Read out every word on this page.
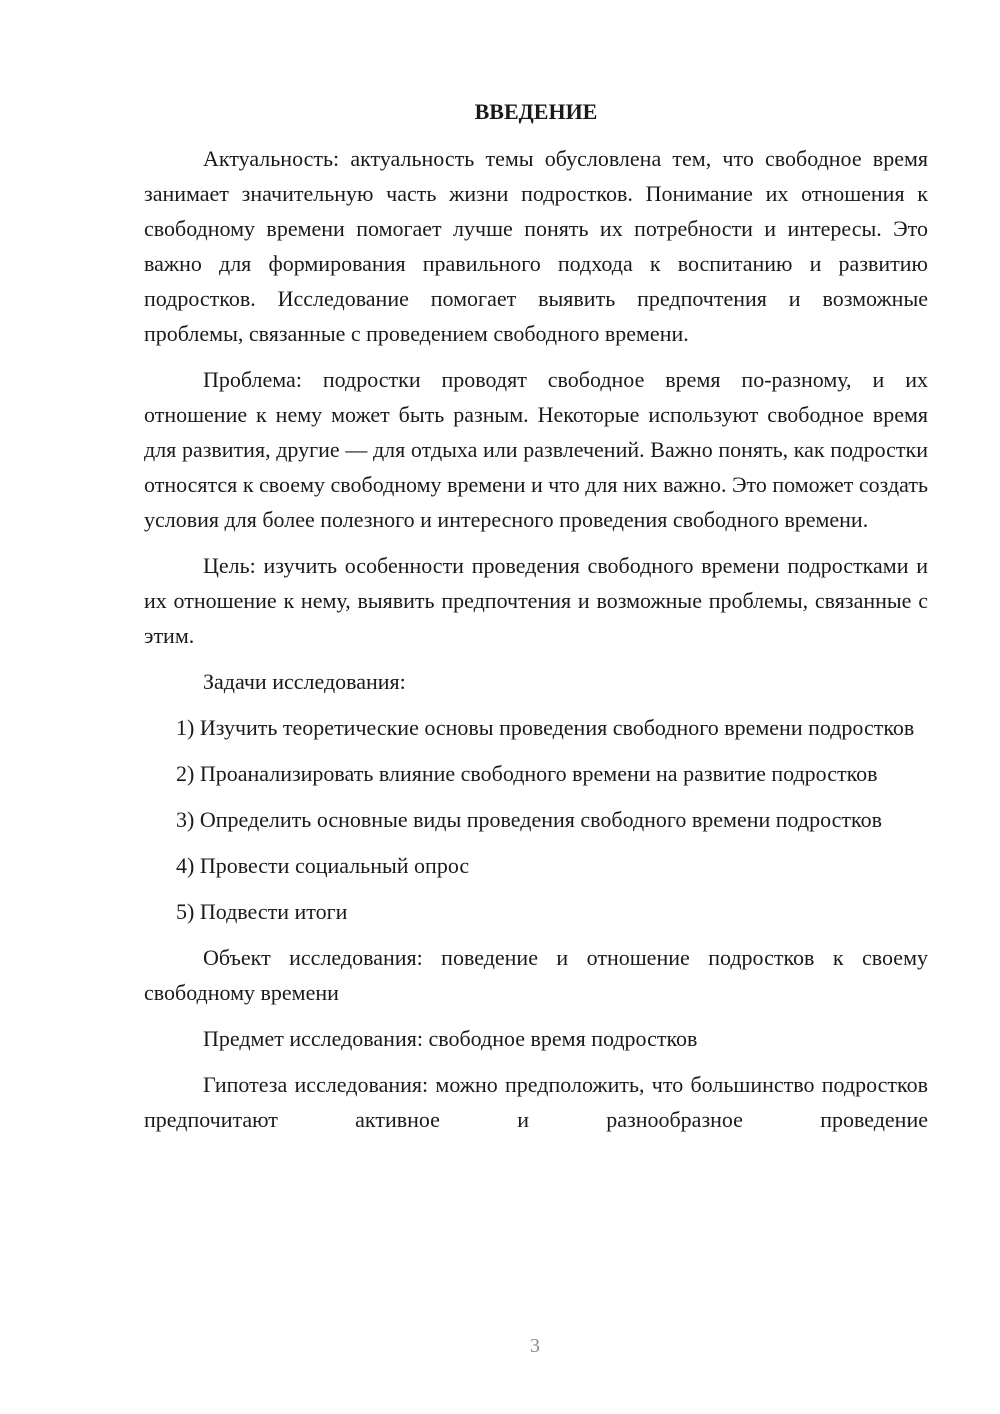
ВВЕДЕНИЕ

Актуальность: актуальность темы обусловлена тем, что свободное время занимает значительную часть жизни подростков. Понимание их отношения к свободному времени помогает лучше понять их потребности и интересы. Это важно для формирования правильного подхода к воспитанию и развитию подростков. Исследование помогает выявить предпочтения и возможные проблемы, связанные с проведением свободного времени.

Проблема: подростки проводят свободное время по-разному, и их отношение к нему может быть разным. Некоторые используют свободное время для развития, другие — для отдыха или развлечений. Важно понять, как подростки относятся к своему свободному времени и что для них важно. Это поможет создать условия для более полезного и интересного проведения свободного времени.

Цель: изучить особенности проведения свободного времени подростками и их отношение к нему, выявить предпочтения и возможные проблемы, связанные с этим.

Задачи исследования:

1) Изучить теоретические основы проведения свободного времени подростков

2) Проанализировать влияние свободного времени на развитие подростков

3) Определить основные виды проведения свободного времени подростков

4) Провести социальный опрос

5) Подвести итоги

Объект исследования: поведение и отношение подростков к своему свободному времени

Предмет исследования: свободное время подростков

Гипотеза исследования: можно предположить, что большинство подростков предпочитают активное и разнообразное проведение

3
